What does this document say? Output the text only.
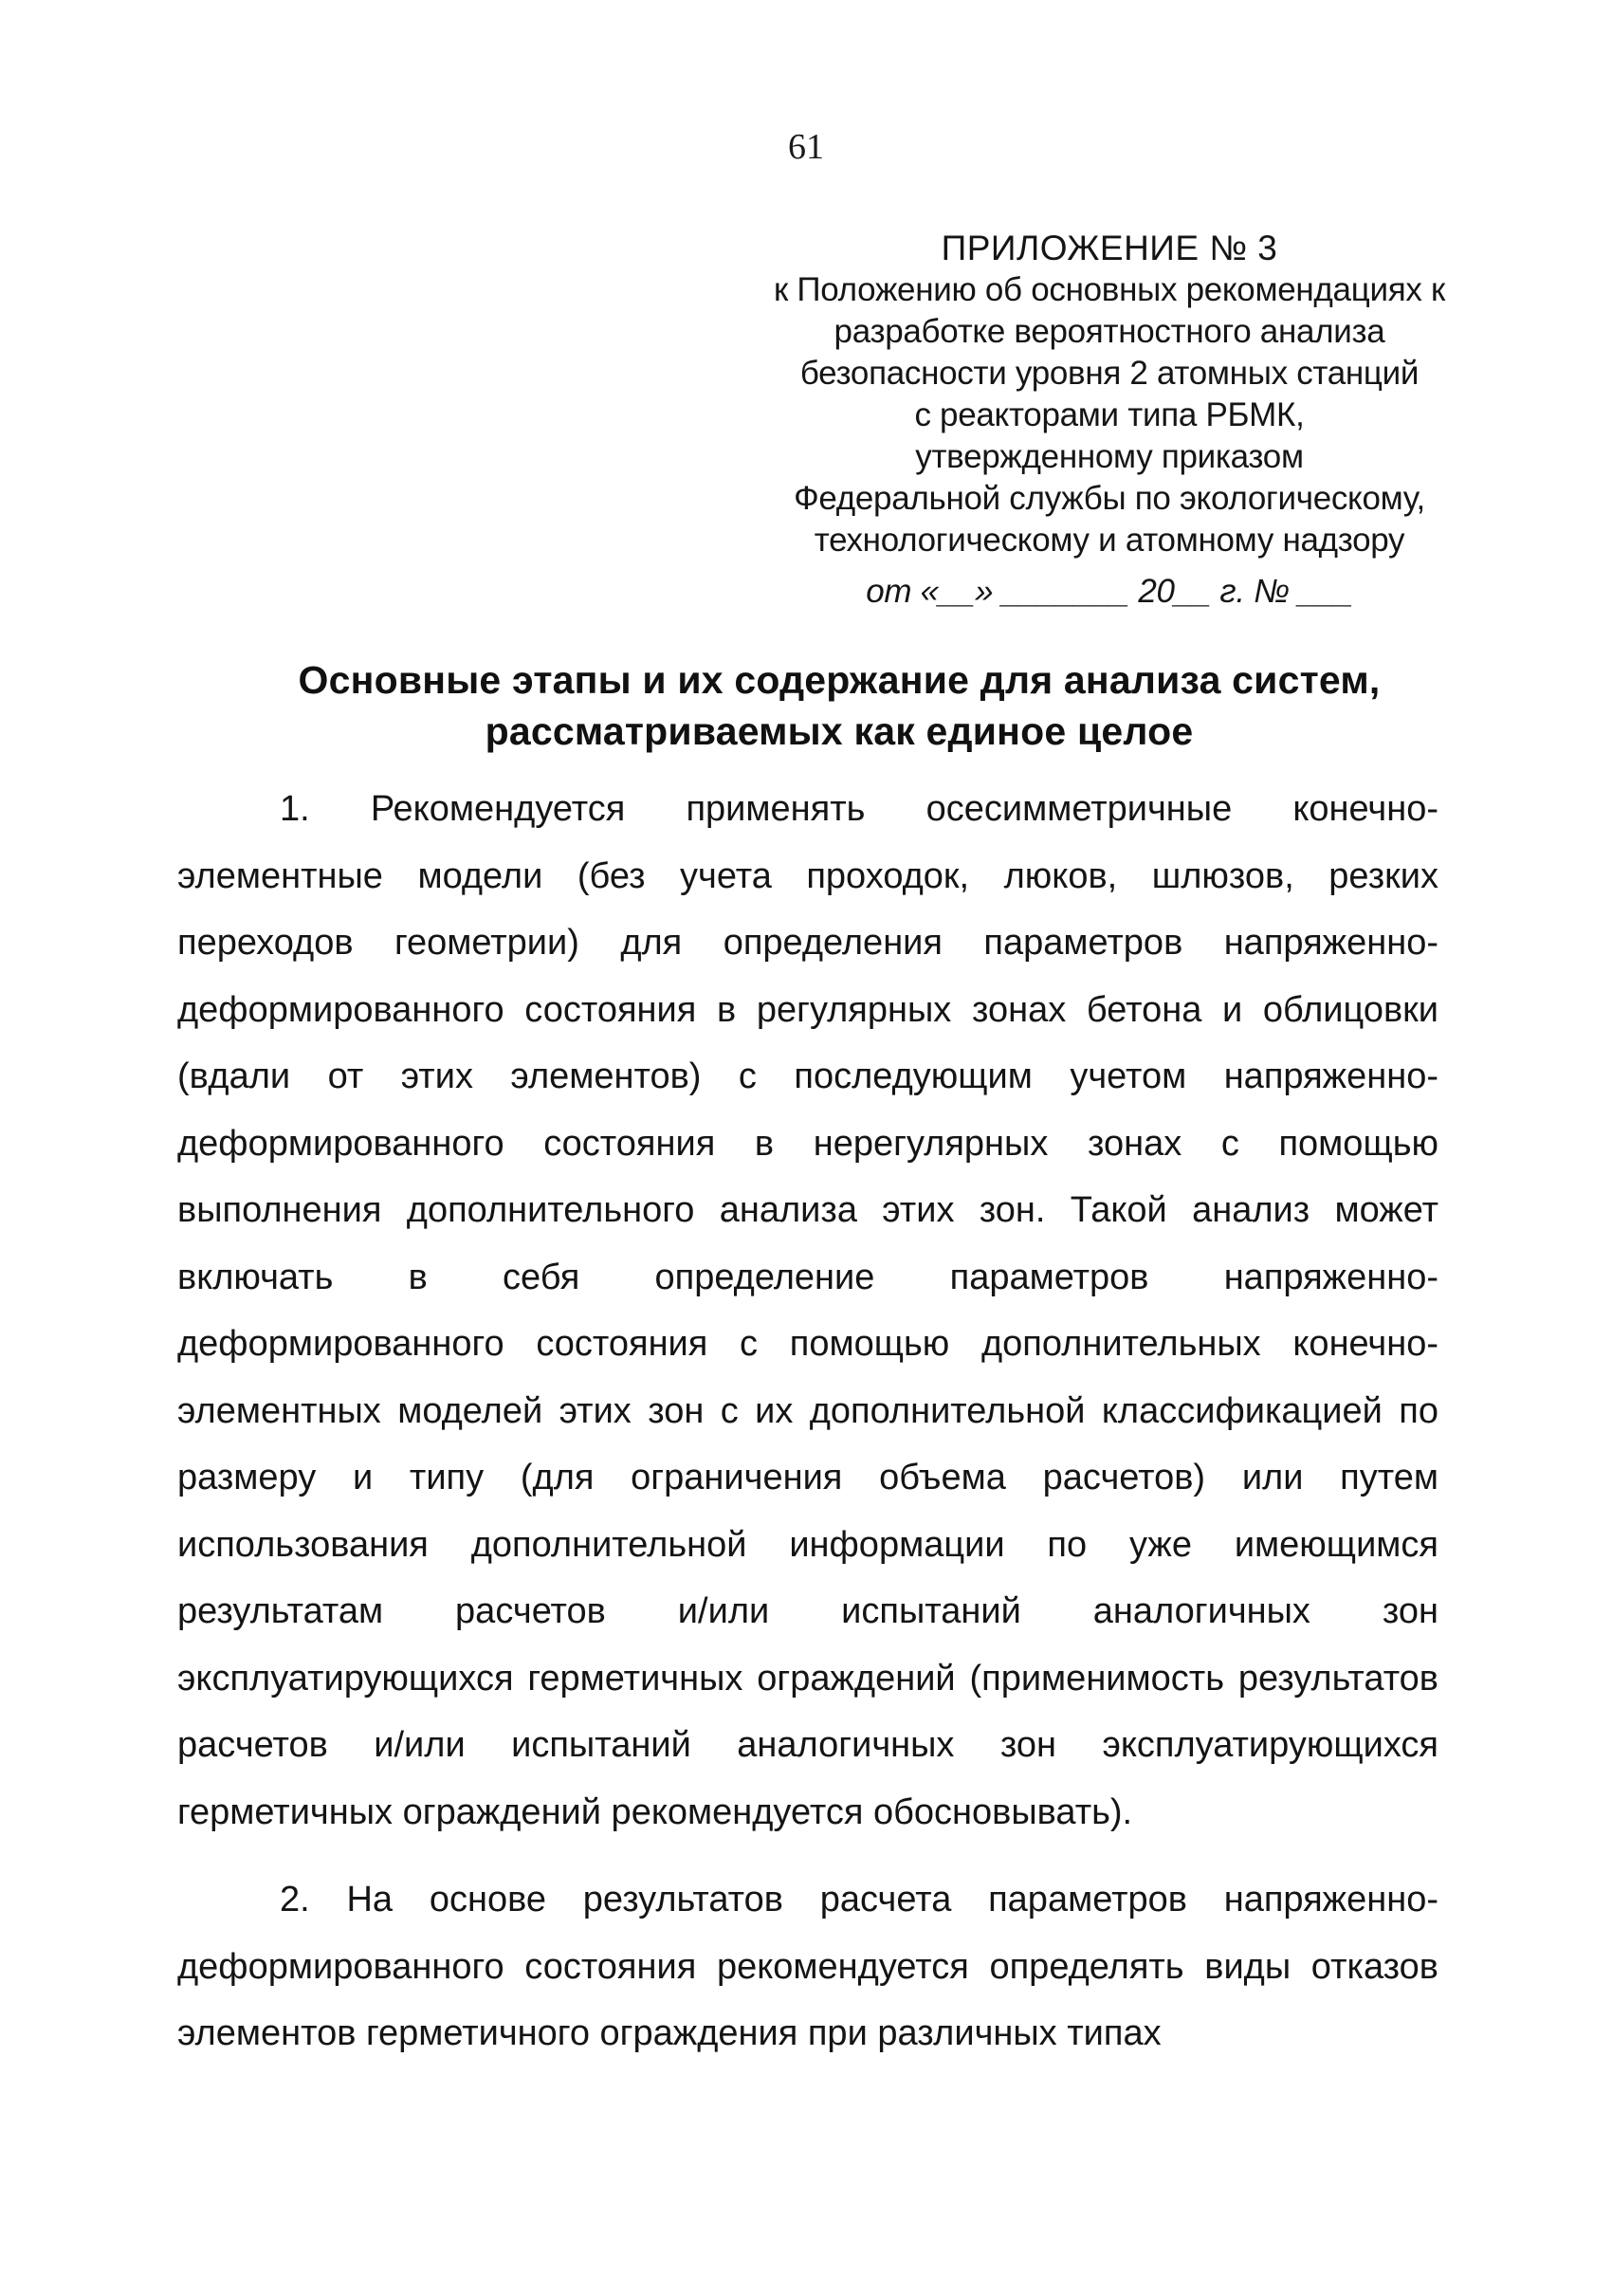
61
ПРИЛОЖЕНИЕ № 3
к Положению об основных рекомендациях к
разработке вероятностного анализа
безопасности уровня 2 атомных станций
с реакторами типа РБМК,
утвержденному приказом
Федеральной службы по экологическому,
технологическому и атомному надзору
от «__» _______ 20__ г. № ___
Основные этапы и их содержание для анализа систем,
рассматриваемых как единое целое

1. Рекомендуется применять осесимметричные конечно-элементные модели (без учета проходок, люков, шлюзов, резких переходов геометрии) для определения параметров напряженно-деформированного состояния в регулярных зонах бетона и облицовки (вдали от этих элементов) с последующим учетом напряженно-деформированного состояния в нерегулярных зонах с помощью выполнения дополнительного анализа этих зон. Такой анализ может включать в себя определение параметров напряженно-деформированного состояния с помощью дополнительных конечно-элементных моделей этих зон с их дополнительной классификацией по размеру и типу (для ограничения объема расчетов) или путем использования дополнительной информации по уже имеющимся результатам расчетов и/или испытаний аналогичных зон эксплуатирующихся герметичных ограждений (применимость результатов расчетов и/или испытаний аналогичных зон эксплуатирующихся герметичных ограждений рекомендуется обосновывать).

2. На основе результатов расчета параметров напряженно-деформированного состояния рекомендуется определять виды отказов элементов герметичного ограждения при различных типах
